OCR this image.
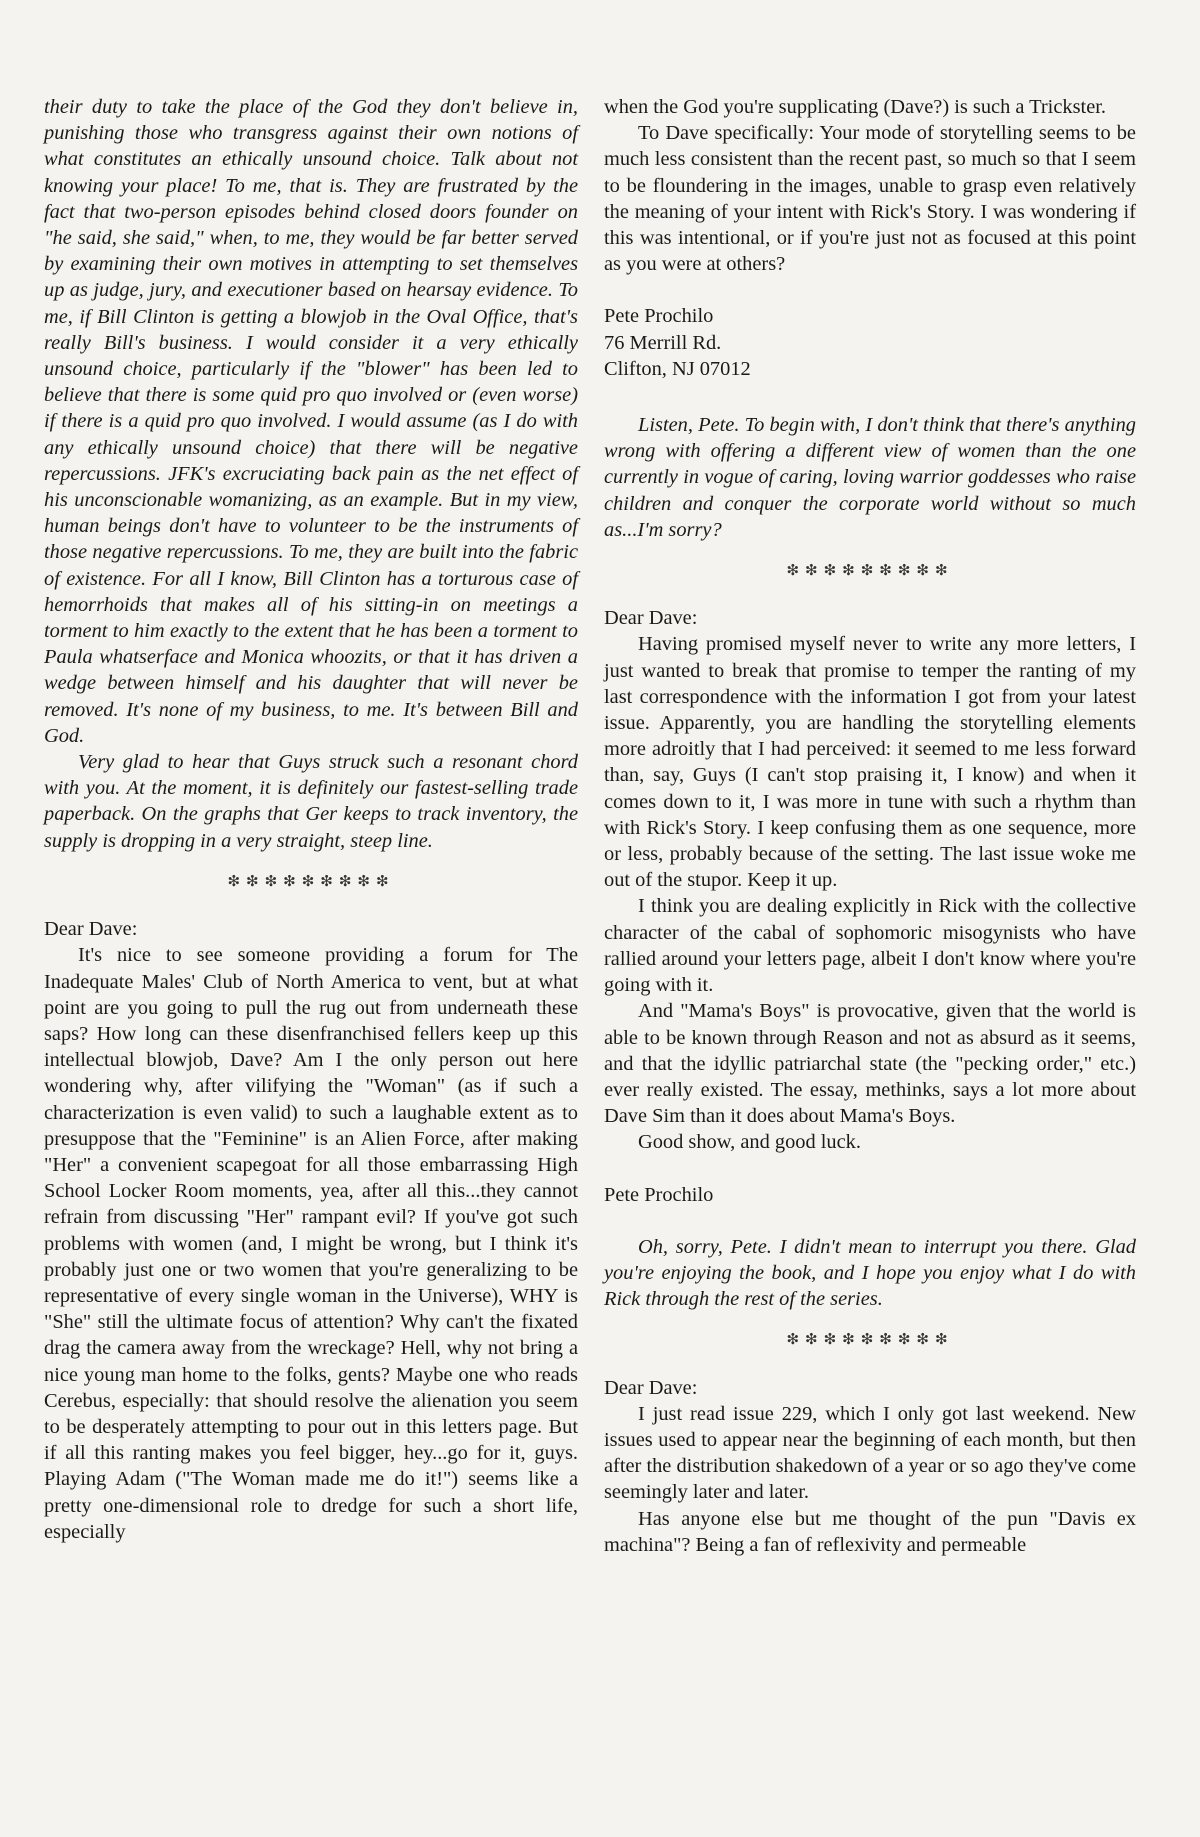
their duty to take the place of the God they don't believe in, punishing those who transgress against their own notions of what constitutes an ethically unsound choice. Talk about not knowing your place! To me, that is. They are frustrated by the fact that two-person episodes behind closed doors founder on "he said, she said," when, to me, they would be far better served by examining their own motives in attempting to set themselves up as judge, jury, and executioner based on hearsay evidence. To me, if Bill Clinton is getting a blowjob in the Oval Office, that's really Bill's business. I would consider it a very ethically unsound choice, particularly if the "blower" has been led to believe that there is some quid pro quo involved or (even worse) if there is a quid pro quo involved. I would assume (as I do with any ethically unsound choice) that there will be negative repercussions. JFK's excruciating back pain as the net effect of his unconscionable womanizing, as an example. But in my view, human beings don't have to volunteer to be the instruments of those negative repercussions. To me, they are built into the fabric of existence. For all I know, Bill Clinton has a torturous case of hemorrhoids that makes all of his sitting-in on meetings a torment to him exactly to the extent that he has been a torment to Paula whatserface and Monica whoozits, or that it has driven a wedge between himself and his daughter that will never be removed. It's none of my business, to me. It's between Bill and God.

Very glad to hear that Guys struck such a resonant chord with you. At the moment, it is definitely our fastest-selling trade paperback. On the graphs that Ger keeps to track inventory, the supply is dropping in a very straight, steep line.

❇❇❇❇❇❇❇❇❇

Dear Dave:

It's nice to see someone providing a forum for The Inadequate Males' Club of North America to vent, but at what point are you going to pull the rug out from underneath these saps? How long can these disenfranchised fellers keep up this intellectual blowjob, Dave? Am I the only person out here wondering why, after vilifying the "Woman" (as if such a characterization is even valid) to such a laughable extent as to presuppose that the "Feminine" is an Alien Force, after making "Her" a convenient scapegoat for all those embarrassing High School Locker Room moments, yea, after all this...they cannot refrain from discussing "Her" rampant evil? If you've got such problems with women (and, I might be wrong, but I think it's probably just one or two women that you're generalizing to be representative of every single woman in the Universe), WHY is "She" still the ultimate focus of attention? Why can't the fixated drag the camera away from the wreckage? Hell, why not bring a nice young man home to the folks, gents? Maybe one who reads Cerebus, especially: that should resolve the alienation you seem to be desperately attempting to pour out in this letters page. But if all this ranting makes you feel bigger, hey...go for it, guys. Playing Adam ("The Woman made me do it!") seems like a pretty one-dimensional role to dredge for such a short life, especially

when the God you're supplicating (Dave?) is such a Trickster.

To Dave specifically: Your mode of storytelling seems to be much less consistent than the recent past, so much so that I seem to be floundering in the images, unable to grasp even relatively the meaning of your intent with Rick's Story. I was wondering if this was intentional, or if you're just not as focused at this point as you were at others?

Pete Prochilo

76 Merrill Rd.

Clifton, NJ 07012

Listen, Pete. To begin with, I don't think that there's anything wrong with offering a different view of women than the one currently in vogue of caring, loving warrior goddesses who raise children and conquer the corporate world without so much as...I'm sorry?

❇❇❇❇❇❇❇❇❇

Dear Dave:

Having promised myself never to write any more letters, I just wanted to break that promise to temper the ranting of my last correspondence with the information I got from your latest issue. Apparently, you are handling the storytelling elements more adroitly that I had perceived: it seemed to me less forward than, say, Guys (I can't stop praising it, I know) and when it comes down to it, I was more in tune with such a rhythm than with Rick's Story. I keep confusing them as one sequence, more or less, probably because of the setting. The last issue woke me out of the stupor. Keep it up.

I think you are dealing explicitly in Rick with the collective character of the cabal of sophomoric misogynists who have rallied around your letters page, albeit I don't know where you're going with it.

And "Mama's Boys" is provocative, given that the world is able to be known through Reason and not as absurd as it seems, and that the idyllic patriarchal state (the "pecking order," etc.) ever really existed. The essay, methinks, says a lot more about Dave Sim than it does about Mama's Boys.

Good show, and good luck.

Pete Prochilo

Oh, sorry, Pete. I didn't mean to interrupt you there. Glad you're enjoying the book, and I hope you enjoy what I do with Rick through the rest of the series.

❇❇❇❇❇❇❇❇❇

Dear Dave:

I just read issue 229, which I only got last weekend. New issues used to appear near the beginning of each month, but then after the distribution shakedown of a year or so ago they've come seemingly later and later.

Has anyone else but me thought of the pun "Davis ex machina"? Being a fan of reflexivity and permeable
